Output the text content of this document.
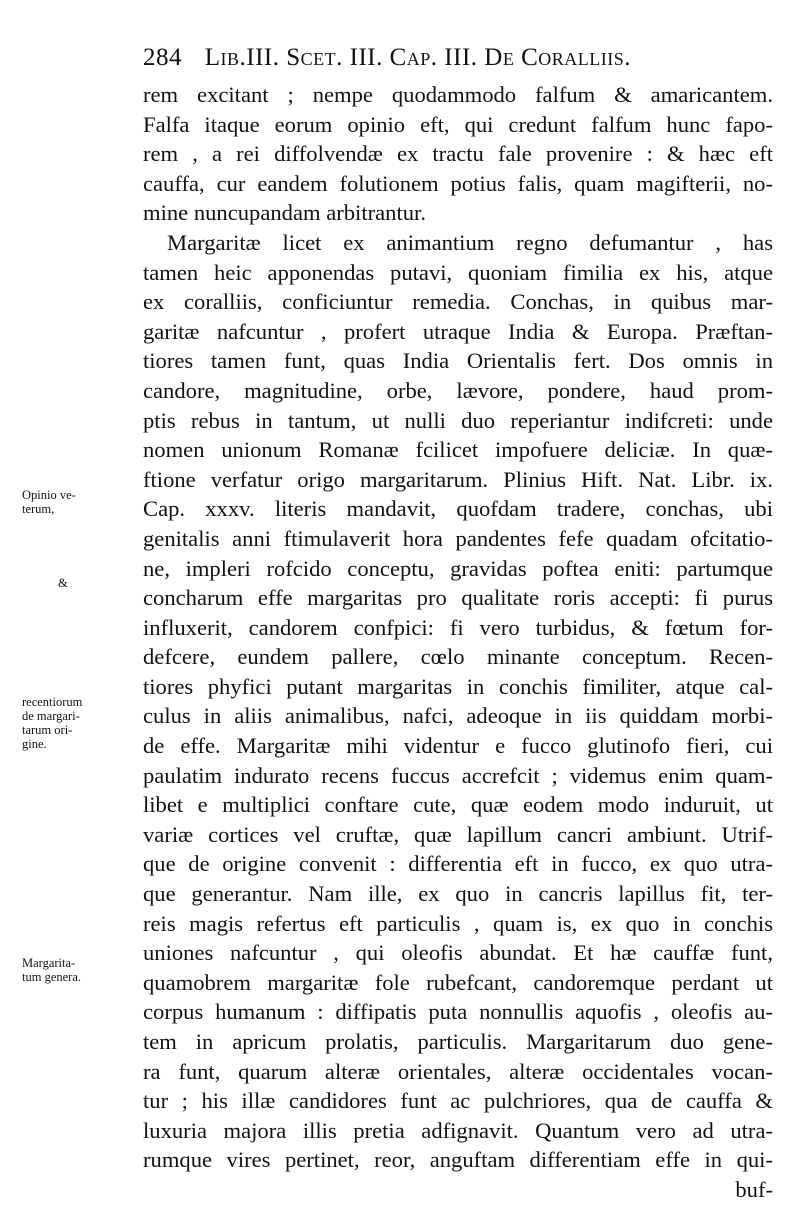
284 Lib.III. Scet. III. Cap. III. De Coralliis.
rem excitant ; nempe quodammodo falfum & amaricantem.
Falfa itaque eorum opinio eft, qui credunt falfum hunc fapo-
rem , a rei diffolvendæ ex tractu fale provenire : & hæc eft
cauffa, cur eandem folutionem potius falis, quam magifterii, no-
mine nuncupandam arbitrantur.
Margaritæ licet ex animantium regno defumantur , has
tamen heic apponendas putavi, quoniam fimilia ex his, atque
ex coralliis, conficiuntur remedia. Conchas, in quibus mar-
garitæ nafcuntur , profert utraque India & Europa. Præftan-
tiores tamen funt, quas India Orientalis fert. Dos omnis in
candore, magnitudine, orbe, lævore, pondere, haud prom-
ptis rebus in tantum, ut nulli duo reperiantur indifcreti: unde
nomen unionum Romanæ fcilicet impofuere deliciæ. In quæ-
ftione verfatur origo margaritarum. Plinius Hift. Nat. Libr. ix.
Cap. xxxv. literis mandavit, quofdam tradere, conchas, ubi
genitalis anni ftimulaverit hora pandentes fefe quadam ofcitatio-
ne, impleri rofcido conceptu, gravidas poftea eniti: partumque
concharum effe margaritas pro qualitate roris accepti: fi purus
influxerit, candorem confpici: fi vero turbidus, & fœtum for-
defcere, eundem pallere, cœlo minante conceptum. Recen-
tiores phyfici putant margaritas in conchis fimiliter, atque cal-
culus in aliis animalibus, nafci, adeoque in iis quiddam morbi-
de effe. Margaritæ mihi videntur e fucco glutinofo fieri, cui
paulatim indurato recens fuccus accrefcit ; videmus enim quam-
libet e multiplici conftare cute, quæ eodem modo induruit, ut
variæ cortices vel cruftæ, quæ lapillum cancri ambiunt. Utrif-
que de origine convenit : differentia eft in fucco, ex quo utra-
que generantur. Nam ille, ex quo in cancris lapillus fit, ter-
reis magis refertus eft particulis , quam is, ex quo in conchis
uniones nafcuntur , qui oleofis abundat. Et hæ cauffæ funt,
quamobrem margaritæ fole rubefcant, candoremque perdant ut
corpus humanum : diffipatis puta nonnullis aquofis , oleofis au-
tem in apricum prolatis, particulis. Margaritarum duo gene-
ra funt, quarum alteræ orientales, alteræ occidentales vocan-
tur ; his illæ candidores funt ac pulchriores, qua de cauffa &
luxuria majora illis pretia adfignavit. Quantum vero ad utra-
rumque vires pertinet, reor, anguftam differentiam effe in qui-
buf-
Opinio ve-
terum,
&
recentiorum
de margari-
tarum ori-
gine.
Margarita-
tum genera.
